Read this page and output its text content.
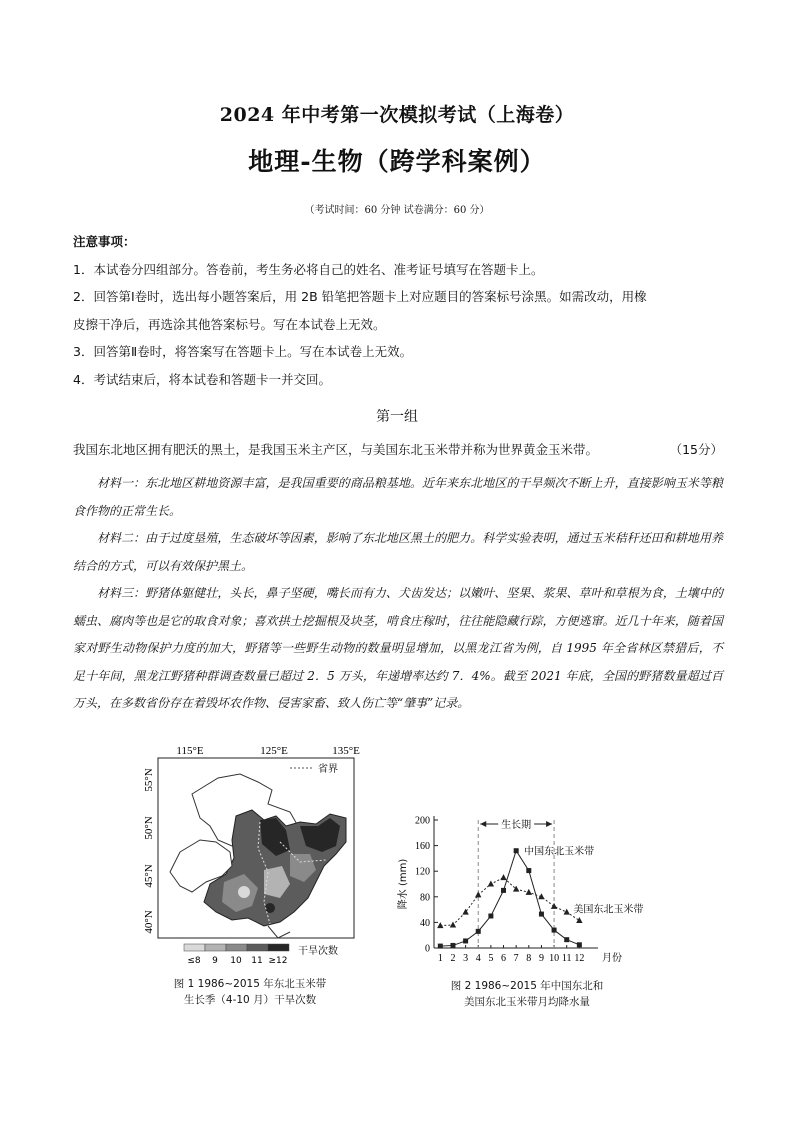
2024 年中考第一次模拟考试（上海卷）
地理-生物（跨学科案例）
（考试时间：60 分钟 试卷满分：60 分）
注意事项：
1．本试卷分四组部分。答卷前，考生务必将自己的姓名、准考证号填写在答题卡上。
2．回答第Ⅰ卷时，选出每小题答案后，用 2B 铅笔把答题卡上对应题目的答案标号涂黑。如需改动，用橡
皮擦干净后，再选涂其他答案标号。写在本试卷上无效。
3．回答第Ⅱ卷时，将答案写在答题卡上。写在本试卷上无效。
4．考试结束后，将本试卷和答题卡一并交回。
第一组
我国东北地区拥有肥沃的黑土，是我国玉米主产区，与美国东北玉米带并称为世界黄金玉米带。	（15分）

材料一：东北地区耕地资源丰富，是我国重要的商品粮基地。近年来东北地区的干旱频次不断上升，直接影响玉米等粮食作物的正常生长。

材料二：由于过度垦殖，生态破坏等因素，影响了东北地区黑土的肥力。科学实验表明，通过玉米秸秆还田和耕地用养结合的方式，可以有效保护黑土。

材料三：野猪体躯健壮，头长，鼻子坚硬，嘴长而有力、犬齿发达；以嫩叶、坚果、浆果、草叶和草根为食，土壤中的蠕虫、腐肉等也是它的取食对象；喜欢拱土挖掘根及块茎，啃食庄稼时，往往能隐藏行踪，方便逃窜。近几十年来，随着国家对野生动物保护力度的加大，野猪等一些野生动物的数量明显增加，以黑龙江省为例，自 1995 年全省林区禁猎后，不足十年间，黑龙江野猪种群调查数量已超过 2．5 万头，年递增率达约 7．4%。截至 2021 年底，全国的野猪数量超过百万头，在多数省份存在着毁坏农作物、侵害家畜、致人伤亡等“肇事”记录。

115°E	125°E	135°E
55°N
50°N
45°N
40°N
省界
≤8 9 10 11 ≥12
干旱次数
图 1 1986~2015 年东北玉米带
生长季（4-10 月）干旱次数
0
40
80
120
160
200
1 2 3 4 5 6 7 8 9 10 11 12 月份
降水 (mm)
生长期
中国东北玉米带
美国东北玉米带
图 2 1986~2015 年中国东北和
美国东北玉米带月均降水量
